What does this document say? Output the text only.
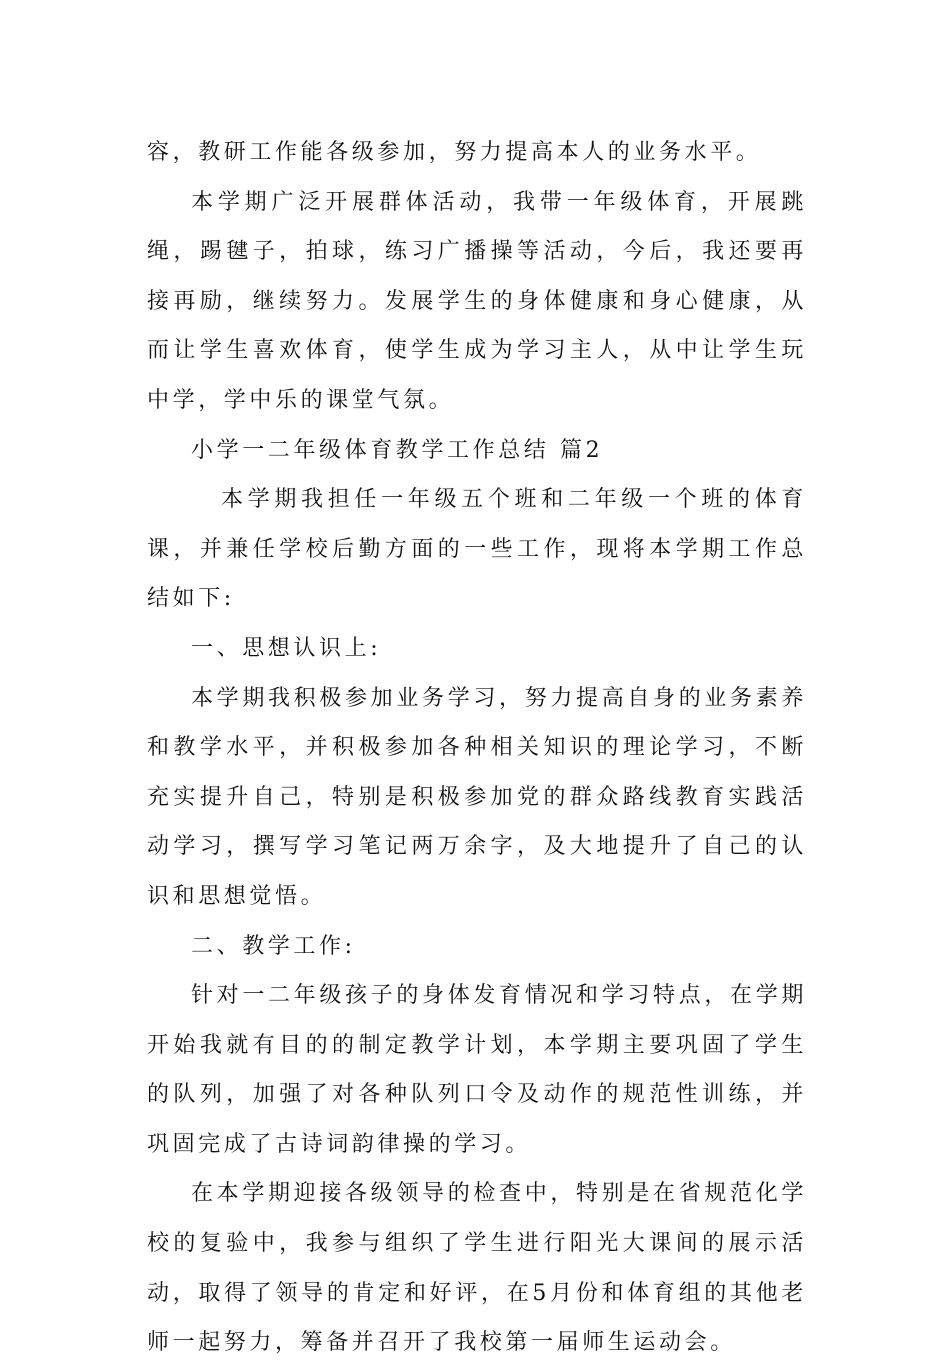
容，教研工作能各级参加，努力提高本人的业务水平。

本学期广泛开展群体活动，我带一年级体育，开展跳绳，踢毽子，拍球，练习广播操等活动，今后，我还要再接再励，继续努力。发展学生的身体健康和身心健康，从而让学生喜欢体育，使学生成为学习主人，从中让学生玩中学，学中乐的课堂气氛。

小学一二年级体育教学工作总结 篇2

本学期我担任一年级五个班和二年级一个班的体育课，并兼任学校后勤方面的一些工作，现将本学期工作总结如下:

一、思想认识上:

本学期我积极参加业务学习，努力提高自身的业务素养和教学水平，并积极参加各种相关知识的理论学习，不断充实提升自己，特别是积极参加党的群众路线教育实践活动学习，撰写学习笔记两万余字，及大地提升了自己的认识和思想觉悟。

二、教学工作:

针对一二年级孩子的身体发育情况和学习特点，在学期开始我就有目的的制定教学计划，本学期主要巩固了学生的队列，加强了对各种队列口令及动作的规范性训练，并巩固完成了古诗词韵律操的学习。

在本学期迎接各级领导的检查中，特别是在省规范化学校的复验中，我参与组织了学生进行阳光大课间的展示活动，取得了领导的肯定和好评，在5月份和体育组的其他老师一起努力，筹备并召开了我校第一届师生运动会。
